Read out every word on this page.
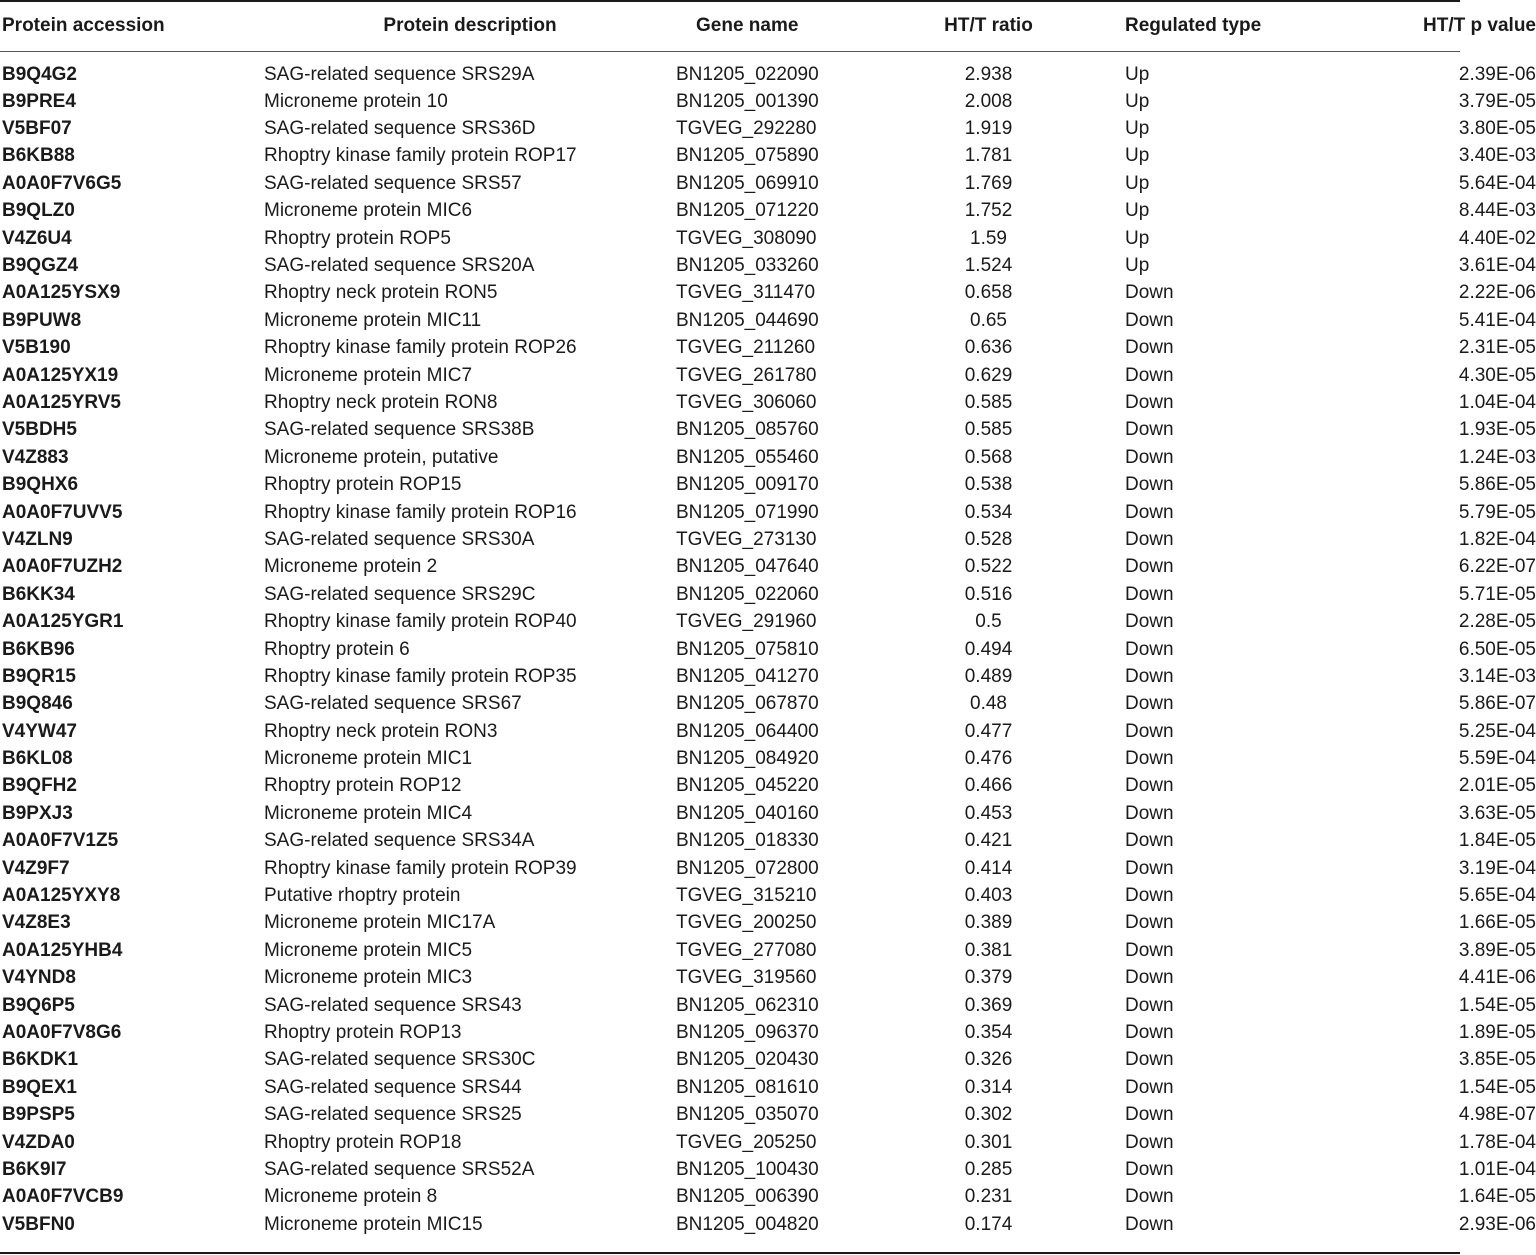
Protein accession	Protein description	Gene name	HT/T ratio	Regulated type	HT/T p value
B9Q4G2	SAG-related sequence SRS29A	BN1205_022090	2.938	Up	2.39E-06
B9PRE4	Microneme protein 10	BN1205_001390	2.008	Up	3.79E-05
V5BF07	SAG-related sequence SRS36D	TGVEG_292280	1.919	Up	3.80E-05
B6KB88	Rhoptry kinase family protein ROP17	BN1205_075890	1.781	Up	3.40E-03
A0A0F7V6G5	SAG-related sequence SRS57	BN1205_069910	1.769	Up	5.64E-04
B9QLZ0	Microneme protein MIC6	BN1205_071220	1.752	Up	8.44E-03
V4Z6U4	Rhoptry protein ROP5	TGVEG_308090	1.59	Up	4.40E-02
B9QGZ4	SAG-related sequence SRS20A	BN1205_033260	1.524	Up	3.61E-04
A0A125YSX9	Rhoptry neck protein RON5	TGVEG_311470	0.658	Down	2.22E-06
B9PUW8	Microneme protein MIC11	BN1205_044690	0.65	Down	5.41E-04
V5B190	Rhoptry kinase family protein ROP26	TGVEG_211260	0.636	Down	2.31E-05
A0A125YX19	Microneme protein MIC7	TGVEG_261780	0.629	Down	4.30E-05
A0A125YRV5	Rhoptry neck protein RON8	TGVEG_306060	0.585	Down	1.04E-04
V5BDH5	SAG-related sequence SRS38B	BN1205_085760	0.585	Down	1.93E-05
V4Z883	Microneme protein, putative	BN1205_055460	0.568	Down	1.24E-03
B9QHX6	Rhoptry protein ROP15	BN1205_009170	0.538	Down	5.86E-05
A0A0F7UVV5	Rhoptry kinase family protein ROP16	BN1205_071990	0.534	Down	5.79E-05
V4ZLN9	SAG-related sequence SRS30A	TGVEG_273130	0.528	Down	1.82E-04
A0A0F7UZH2	Microneme protein 2	BN1205_047640	0.522	Down	6.22E-07
B6KK34	SAG-related sequence SRS29C	BN1205_022060	0.516	Down	5.71E-05
A0A125YGR1	Rhoptry kinase family protein ROP40	TGVEG_291960	0.5	Down	2.28E-05
B6KB96	Rhoptry protein 6	BN1205_075810	0.494	Down	6.50E-05
B9QR15	Rhoptry kinase family protein ROP35	BN1205_041270	0.489	Down	3.14E-03
B9Q846	SAG-related sequence SRS67	BN1205_067870	0.48	Down	5.86E-07
V4YW47	Rhoptry neck protein RON3	BN1205_064400	0.477	Down	5.25E-04
B6KL08	Microneme protein MIC1	BN1205_084920	0.476	Down	5.59E-04
B9QFH2	Rhoptry protein ROP12	BN1205_045220	0.466	Down	2.01E-05
B9PXJ3	Microneme protein MIC4	BN1205_040160	0.453	Down	3.63E-05
A0A0F7V1Z5	SAG-related sequence SRS34A	BN1205_018330	0.421	Down	1.84E-05
V4Z9F7	Rhoptry kinase family protein ROP39	BN1205_072800	0.414	Down	3.19E-04
A0A125YXY8	Putative rhoptry protein	TGVEG_315210	0.403	Down	5.65E-04
V4Z8E3	Microneme protein MIC17A	TGVEG_200250	0.389	Down	1.66E-05
A0A125YHB4	Microneme protein MIC5	TGVEG_277080	0.381	Down	3.89E-05
V4YND8	Microneme protein MIC3	TGVEG_319560	0.379	Down	4.41E-06
B9Q6P5	SAG-related sequence SRS43	BN1205_062310	0.369	Down	1.54E-05
A0A0F7V8G6	Rhoptry protein ROP13	BN1205_096370	0.354	Down	1.89E-05
B6KDK1	SAG-related sequence SRS30C	BN1205_020430	0.326	Down	3.85E-05
B9QEX1	SAG-related sequence SRS44	BN1205_081610	0.314	Down	1.54E-05
B9PSP5	SAG-related sequence SRS25	BN1205_035070	0.302	Down	4.98E-07
V4ZDA0	Rhoptry protein ROP18	TGVEG_205250	0.301	Down	1.78E-04
B6K9I7	SAG-related sequence SRS52A	BN1205_100430	0.285	Down	1.01E-04
A0A0F7VCB9	Microneme protein 8	BN1205_006390	0.231	Down	1.64E-05
V5BFN0	Microneme protein MIC15	BN1205_004820	0.174	Down	2.93E-06
